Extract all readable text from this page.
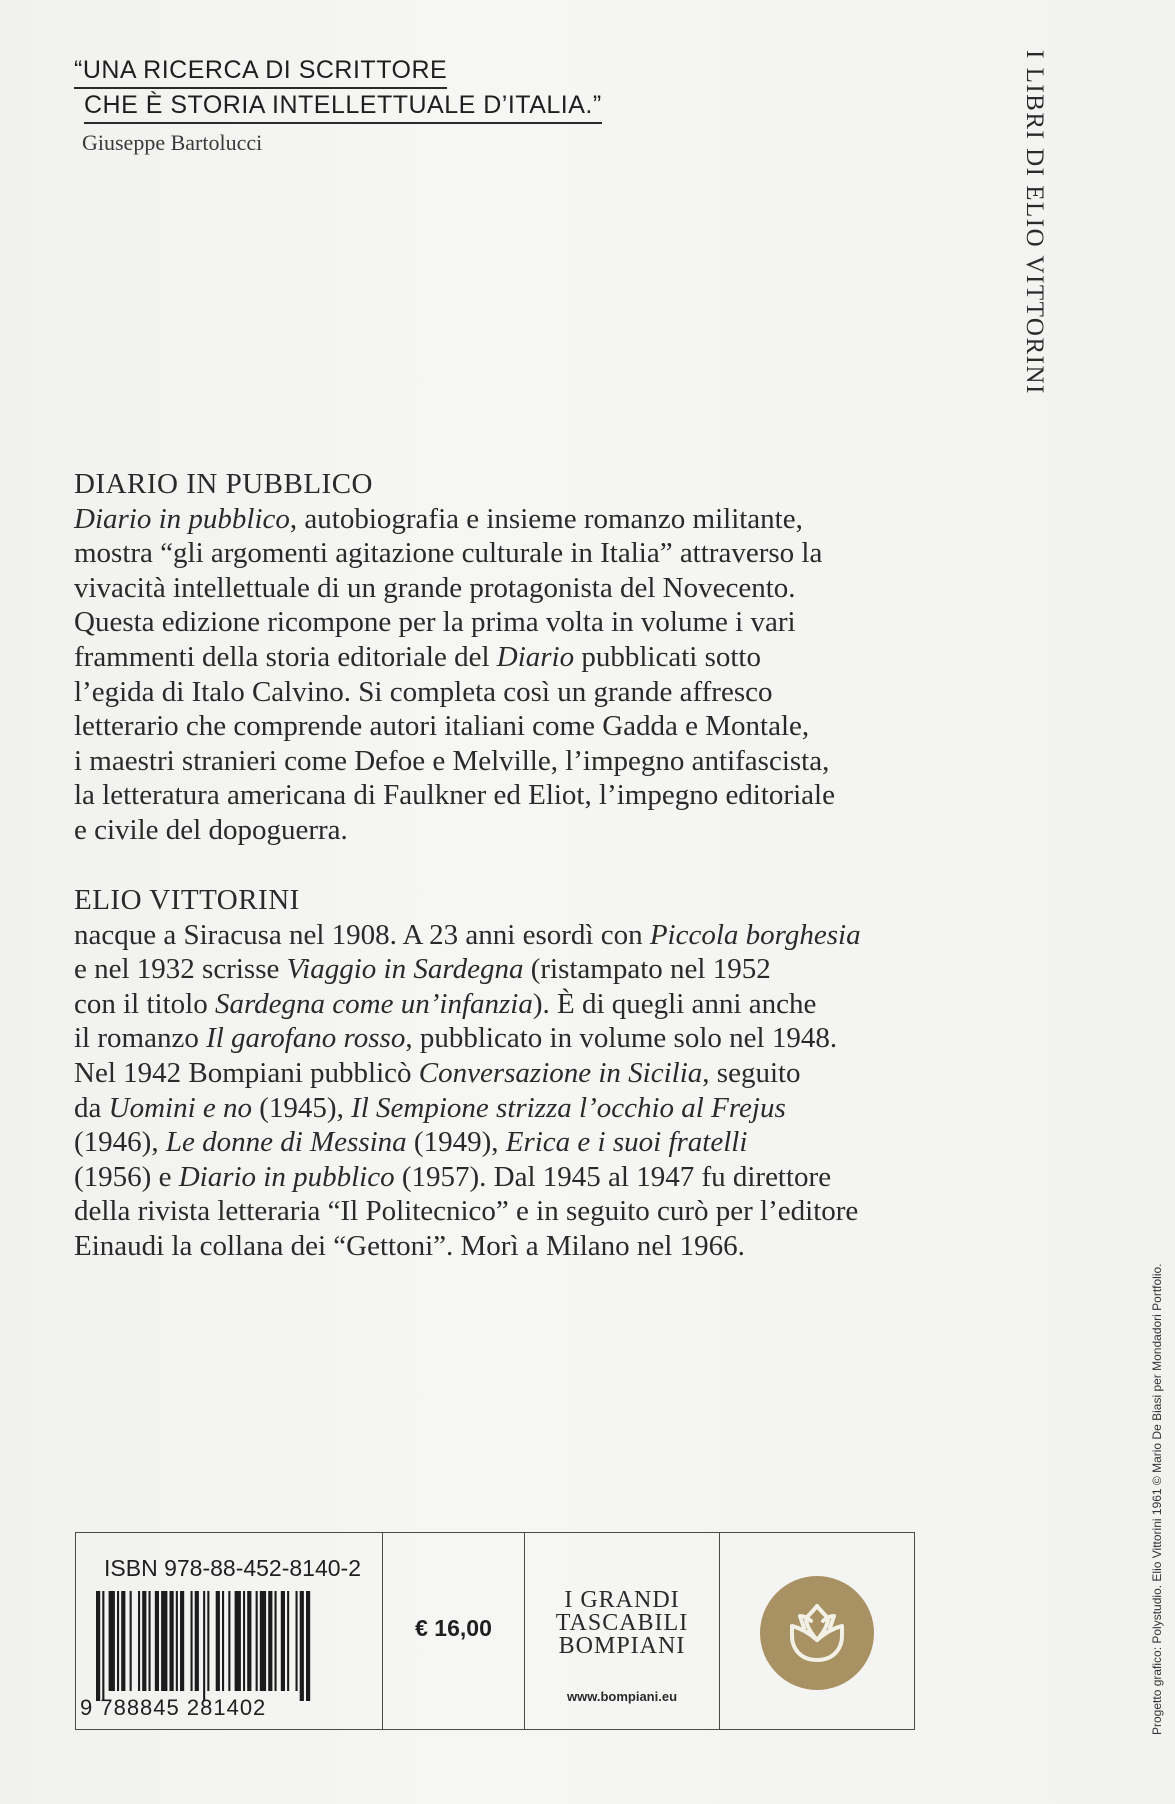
“UNA RICERCA DI SCRITTORE
CHE È STORIA INTELLETTUALE D’ITALIA.”
Giuseppe Bartolucci	I LIBRI DI ELIO VITTORINI
DIARIO IN PUBBLICO
Diario in pubblico, autobiografia e insieme romanzo militante,
mostra “gli argomenti agitazione culturale in Italia” attraverso la
vivacità intellettuale di un grande protagonista del Novecento.
Questa edizione ricompone per la prima volta in volume i vari
frammenti della storia editoriale del Diario pubblicati sotto
l’egida di Italo Calvino. Si completa così un grande affresco
letterario che comprende autori italiani come Gadda e Montale,
i maestri stranieri come Defoe e Melville, l’impegno antifascista,
la letteratura americana di Faulkner ed Eliot, l’impegno editoriale
e civile del dopoguerra.
ELIO VITTORINI
nacque a Siracusa nel 1908. A 23 anni esordì con Piccola borghesia
e nel 1932 scrisse Viaggio in Sardegna (ristampato nel 1952
con il titolo Sardegna come un’infanzia). È di quegli anni anche
il romanzo Il garofano rosso, pubblicato in volume solo nel 1948.
Nel 1942 Bompiani pubblicò Conversazione in Sicilia, seguito
da Uomini e no (1945), Il Sempione strizza l’occhio al Frejus
(1946), Le donne di Messina (1949), Erica e i suoi fratelli
(1956) e Diario in pubblico (1957). Dal 1945 al 1947 fu direttore
della rivista letteraria “Il Politecnico” e in seguito curò per l’editore
Einaudi la collana dei “Gettoni”. Morì a Milano nel 1966.
Progetto grafico: Polystudio. Elio Vittorini 1961 © Mario De Biasi per Mondadori Portfolio.
ISBN 978-88-452-8140-2
9 788845 281402
€ 16,00
I GRANDI
TASCABILI
BOMPIANI
www.bompiani.eu
